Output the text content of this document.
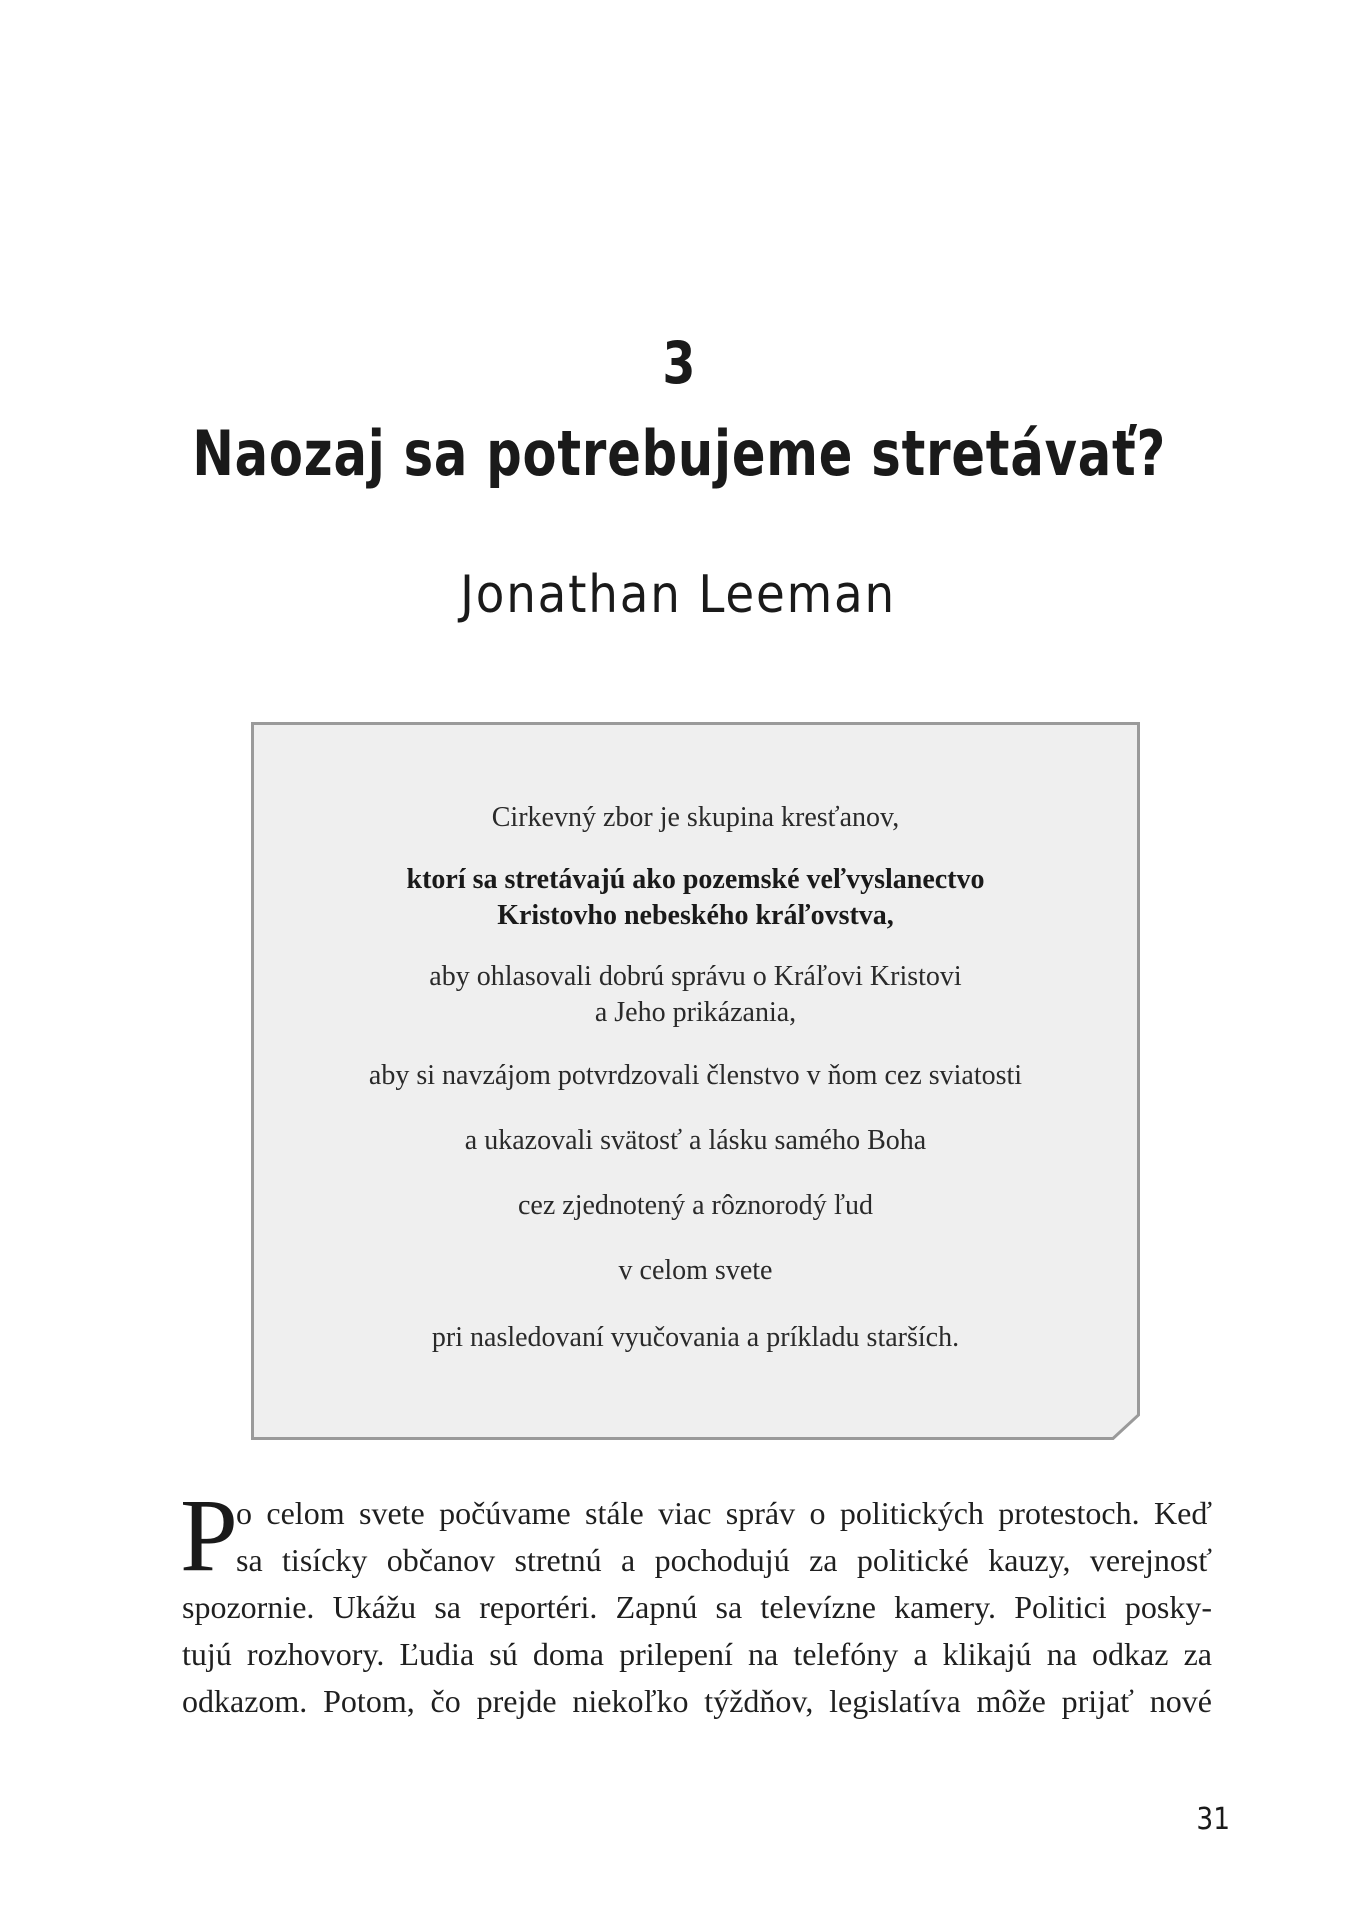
3
Naozaj sa potrebujeme stretávať?
Jonathan Leeman
Cirkevný zbor je skupina kresťanov,
ktorí sa stretávajú ako pozemské veľvyslanectvo
Kristovho nebeského kráľovstva,
aby ohlasovali dobrú správu o Kráľovi Kristovi
a Jeho prikázania,
aby si navzájom potvrdzovali členstvo v ňom cez sviatosti
a ukazovali svätosť a lásku samého Boha
cez zjednotený a rôznorodý ľud
v celom svete
pri nasledovaní vyučovania a príkladu starších.
P
o celom svete počúvame stále viac správ o politických protestoch. Keď
sa tisícky občanov stretnú a pochodujú za politické kauzy, verejnosť
spozornie. Ukážu sa reportéri. Zapnú sa televízne kamery. Politici posky-
tujú rozhovory. Ľudia sú doma prilepení na telefóny a klikajú na odkaz za
odkazom. Potom, čo prejde niekoľko týždňov, legislatíva môže prijať nové
31
